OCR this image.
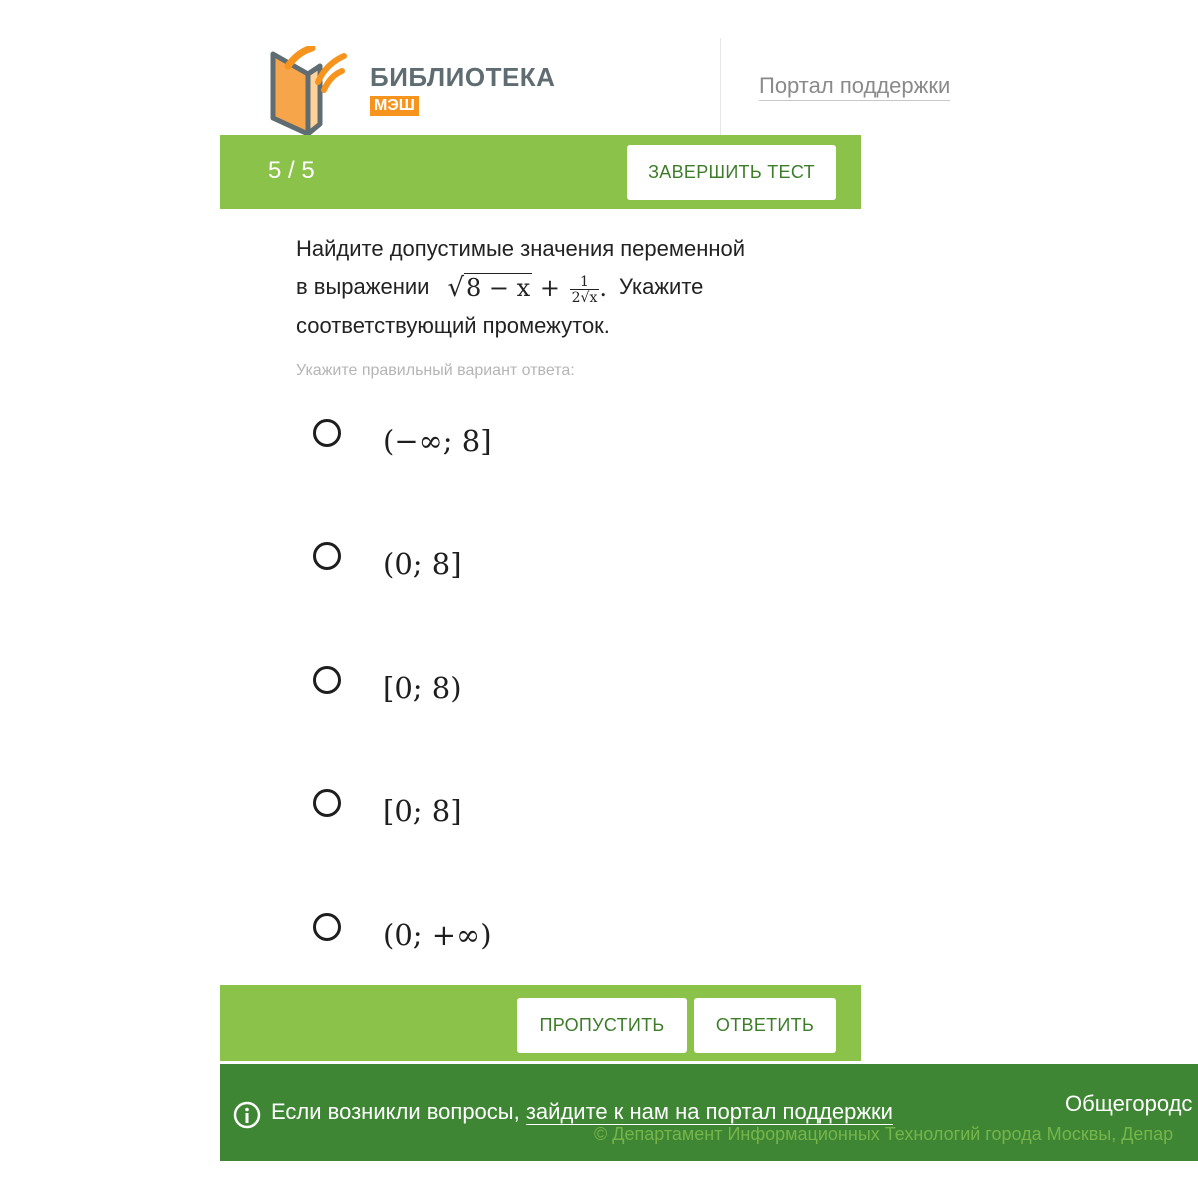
БИБЛИОТЕКА
МЭШ
Портал поддержки
5 / 5	ЗАВЕРШИТЬ ТЕСТ
Найдите допустимые значения переменной
в выражении $√8 - x + \frac{1}{2√x}$ . Укажите
соответствующий промежуток.
Укажите правильный вариант ответа:
(−∞; 8]
(0; 8]
[0; 8)
[0; 8]
(0; +∞)
ПРОПУСТИТЬ	ОТВЕТИТЬ
Если возникли вопросы, зайдите к нам на портал поддержки	Общегородс
© Департамент Информационных Технологий города Москвы, Депар
